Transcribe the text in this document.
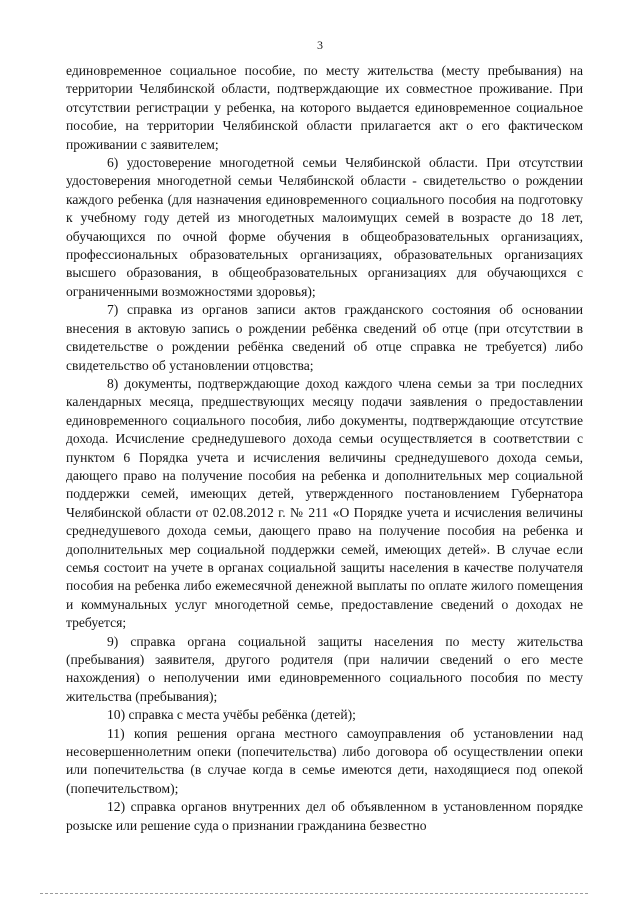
3

единовременное социальное пособие, по месту жительства (месту пребывания) на территории Челябинской области, подтверждающие их совместное проживание. При отсутствии регистрации у ребенка, на которого выдается единовременное социальное пособие, на территории Челябинской области прилагается акт о его фактическом проживании с заявителем;

6) удостоверение многодетной семьи Челябинской области. При отсутствии удостоверения многодетной семьи Челябинской области - свидетельство о рождении каждого ребенка (для назначения единовременного социального пособия на подготовку к учебному году детей из многодетных малоимущих семей в возрасте до 18 лет, обучающихся по очной форме обучения в общеобразовательных организациях, профессиональных образовательных организациях, образовательных организациях высшего образования, в общеобразовательных организациях для обучающихся с ограниченными возможностями здоровья);

7) справка из органов записи актов гражданского состояния об основании внесения в актовую запись о рождении ребёнка сведений об отце (при отсутствии в свидетельстве о рождении ребёнка сведений об отце справка не требуется) либо свидетельство об установлении отцовства;

8) документы, подтверждающие доход каждого члена семьи за три последних календарных месяца, предшествующих месяцу подачи заявления о предоставлении единовременного социального пособия, либо документы, подтверждающие отсутствие дохода. Исчисление среднедушевого дохода семьи осуществляется в соответствии с пунктом 6 Порядка учета и исчисления величины среднедушевого дохода семьи, дающего право на получение пособия на ребенка и дополнительных мер социальной поддержки семей, имеющих детей, утвержденного постановлением Губернатора Челябинской области от 02.08.2012 г. № 211 «О Порядке учета и исчисления величины среднедушевого дохода семьи, дающего право на получение пособия на ребенка и дополнительных мер социальной поддержки семей, имеющих детей». В случае если семья состоит на учете в органах социальной защиты населения в качестве получателя пособия на ребенка либо ежемесячной денежной выплаты по оплате жилого помещения и коммунальных услуг многодетной семье, предоставление сведений о доходах не требуется;

9) справка органа социальной защиты населения по месту жительства (пребывания) заявителя, другого родителя (при наличии сведений о его месте нахождения) о неполучении ими единовременного социального пособия по месту жительства (пребывания);

10) справка с места учёбы ребёнка (детей);

11) копия решения органа местного самоуправления об установлении над несовершеннолетним опеки (попечительства) либо договора об осуществлении опеки или попечительства (в случае когда в семье имеются дети, находящиеся под опекой (попечительством);

12) справка органов внутренних дел об объявленном в установленном порядке розыске или решение суда о признании гражданина безвестно
